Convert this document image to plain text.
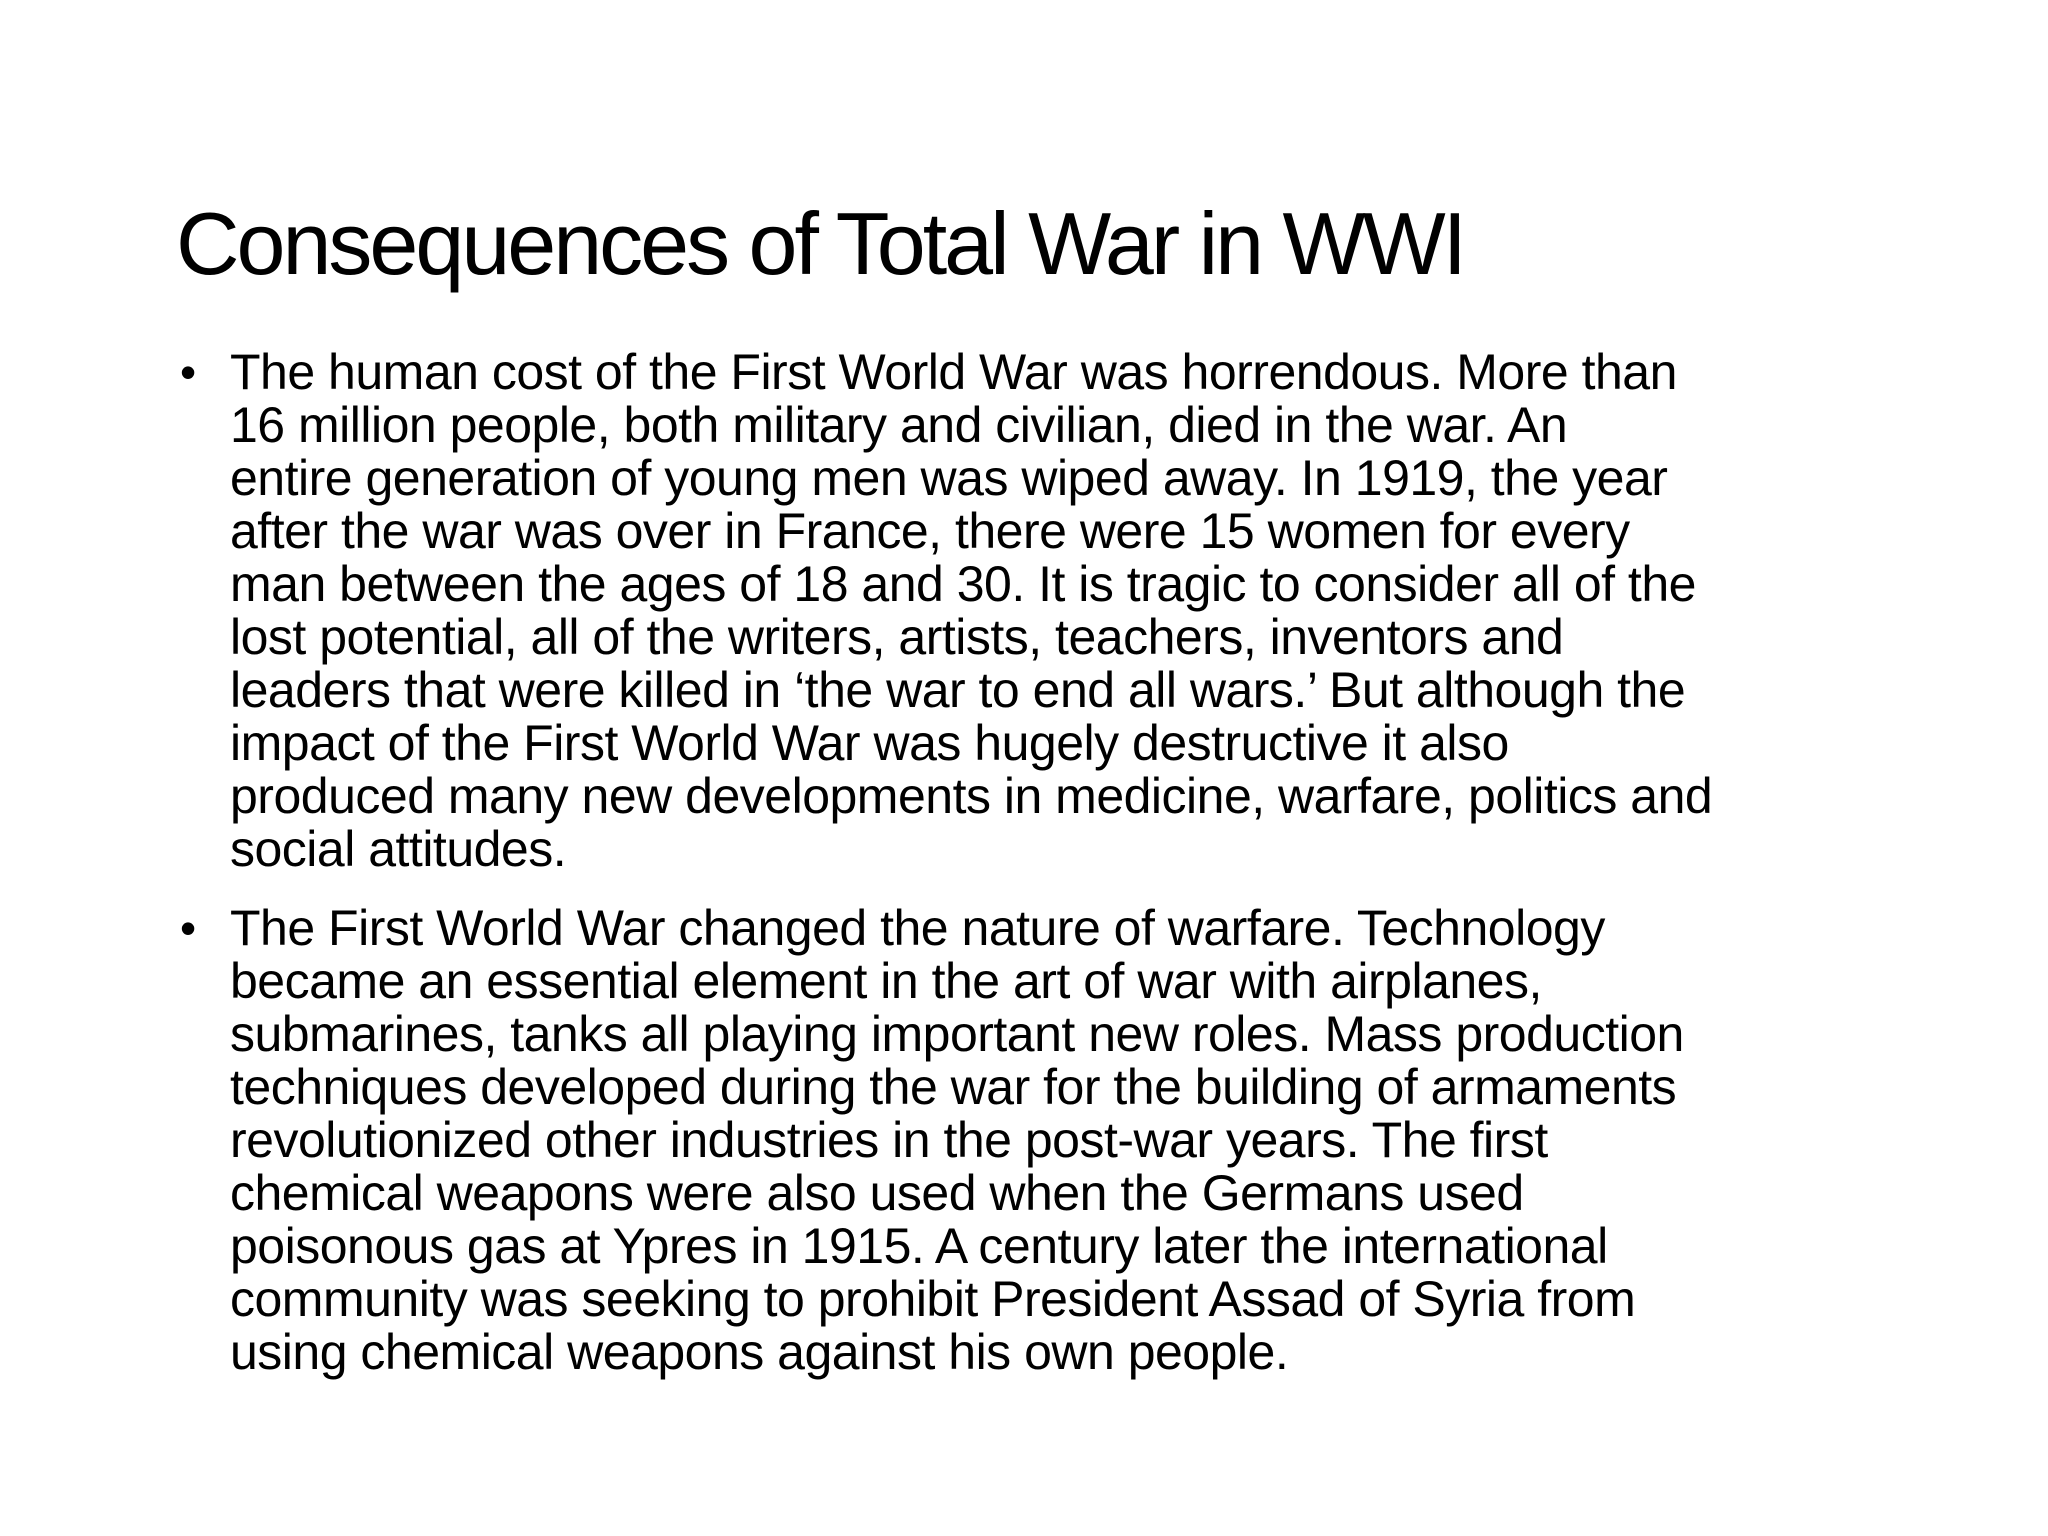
Consequences of Total War in WWI
• The human cost of the First World War was horrendous. More than
16 million people, both military and civilian, died in the war. An
entire generation of young men was wiped away. In 1919, the year
after the war was over in France, there were 15 women for every
man between the ages of 18 and 30. It is tragic to consider all of the
lost potential, all of the writers, artists, teachers, inventors and
leaders that were killed in ‘the war to end all wars.’ But although the
impact of the First World War was hugely destructive it also
produced many new developments in medicine, warfare, politics and
social attitudes.
• The First World War changed the nature of warfare. Technology
became an essential element in the art of war with airplanes,
submarines, tanks all playing important new roles. Mass production
techniques developed during the war for the building of armaments
revolutionized other industries in the post-war years. The first
chemical weapons were also used when the Germans used
poisonous gas at Ypres in 1915. A century later the international
community was seeking to prohibit President Assad of Syria from
using chemical weapons against his own people.
